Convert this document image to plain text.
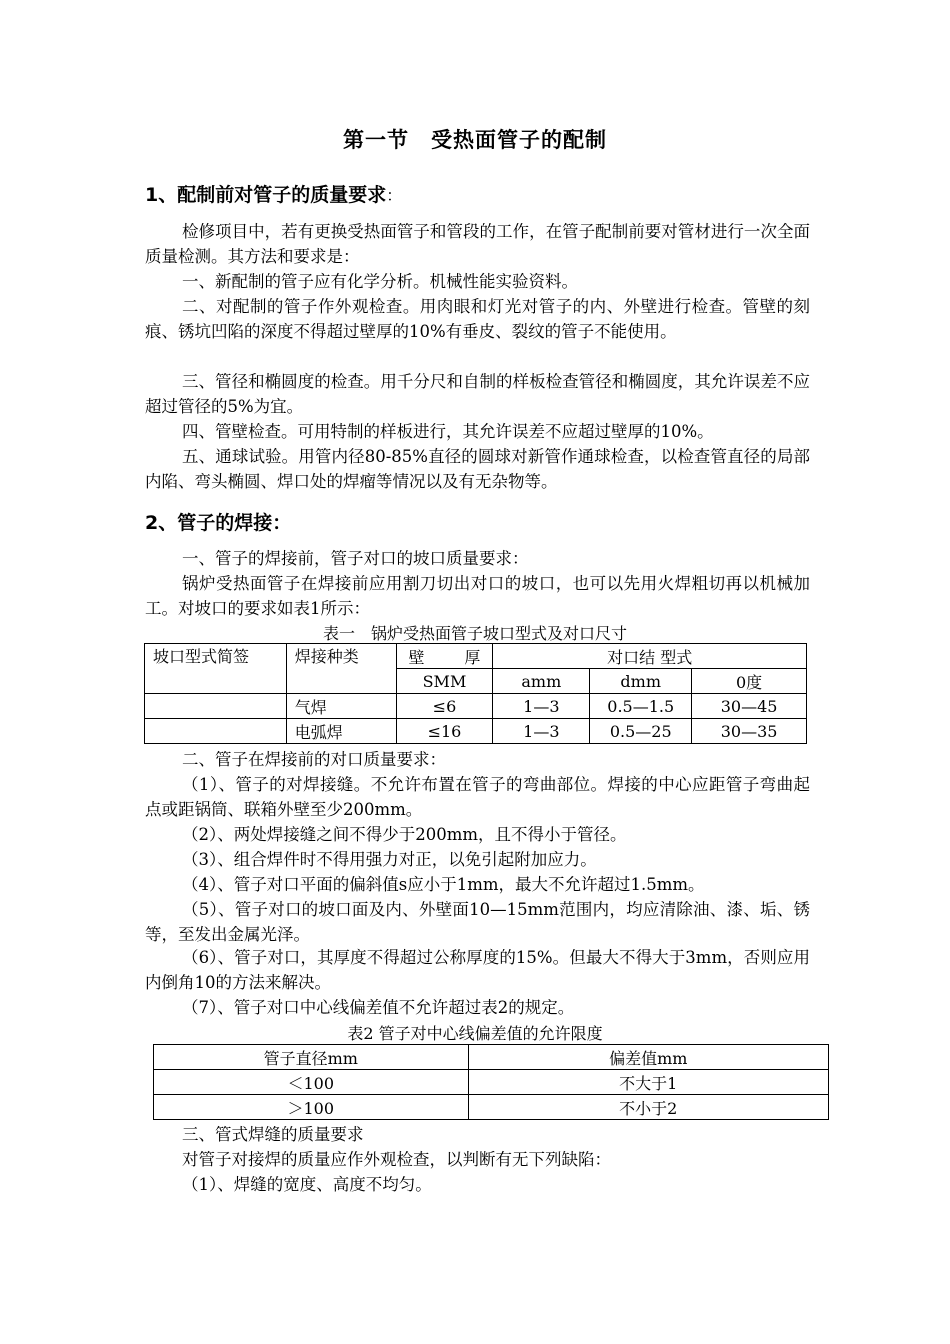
第一节　受热面管子的配制
1、配制前对管子的质量要求：

检修项目中，若有更换受热面管子和管段的工作，在管子配制前要对管材进行一次全面质量检测。其方法和要求是：

一、新配制的管子应有化学分析。机械性能实验资料。

二、对配制的管子作外观检查。用肉眼和灯光对管子的内、外壁进行检查。管壁的刻痕、锈坑凹陷的深度不得超过壁厚的10%有垂皮、裂纹的管子不能使用。

三、管径和椭圆度的检查。用千分尺和自制的样板检查管径和椭圆度，其允许误差不应超过管径的5%为宜。

四、管壁检查。可用特制的样板进行，其允许误差不应超过壁厚的10%。

五、通球试验。用管内径80-85%直径的圆球对新管作通球检查，以检查管直径的局部内陷、弯头椭圆、焊口处的焊瘤等情况以及有无杂物等。

2、管子的焊接：

一、管子的焊接前，管子对口的坡口质量要求：

锅炉受热面管子在焊接前应用割刀切出对口的坡口，也可以先用火焊粗切再以机械加工。对坡口的要求如表1所示：

表一　锅炉受热面管子坡口型式及对口尺寸
坡口型式简签	焊接种类	壁 厚	对口结 型式		
		SMM	amm	dmm	0度
	气焊	≤6	1—3	0.5—1.5	30—45
	电弧焊	≤16	1—3	0.5—25	30—35

二、管子在焊接前的对口质量要求：

（1）、管子的对焊接缝。不允许布置在管子的弯曲部位。焊接的中心应距管子弯曲起点或距锅筒、联箱外壁至少200mm。

（2）、两处焊接缝之间不得少于200mm，且不得小于管径。

（3）、组合焊件时不得用强力对正，以免引起附加应力。

（4）、管子对口平面的偏斜值s应小于1mm，最大不允许超过1.5mm。

（5）、管子对口的坡口面及内、外壁面10—15mm范围内，均应清除油、漆、垢、锈等，至发出金属光泽。

（6）、管子对口，其厚度不得超过公称厚度的15%。但最大不得大于3mm，否则应用内倒角10的方法来解决。

（7）、管子对口中心线偏差值不允许超过表2的规定。

表2 管子对中心线偏差值的允许限度
管子直径mm	偏差值mm
＜100	不大于1
＞100	不小于2

三、管式焊缝的质量要求

对管子对接焊的质量应作外观检查，以判断有无下列缺陷：

（1）、焊缝的宽度、高度不均匀。
